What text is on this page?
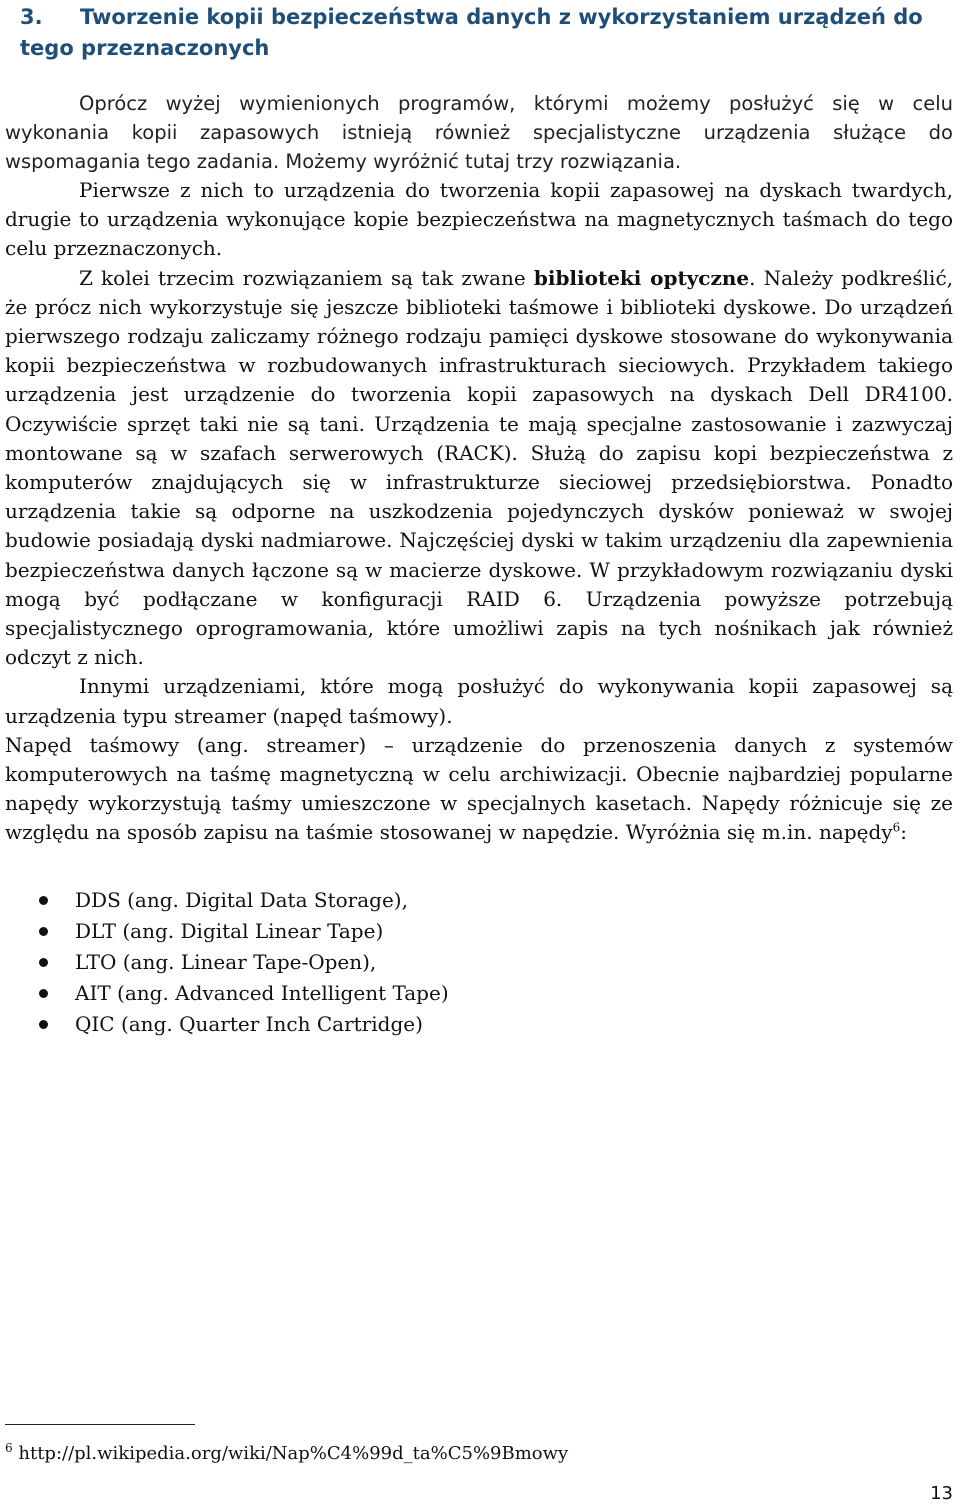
3. Tworzenie kopii bezpieczeństwa danych z wykorzystaniem urządzeń do tego przeznaczonych

Oprócz wyżej wymienionych programów, którymi możemy posłużyć się w celu wykonania kopii zapasowych istnieją również specjalistyczne urządzenia służące do wspomagania tego zadania. Możemy wyróżnić tutaj trzy rozwiązania.

Pierwsze z nich to urządzenia do tworzenia kopii zapasowej na dyskach twardych, drugie to urządzenia wykonujące kopie bezpieczeństwa na magnetycznych taśmach do tego celu przeznaczonych.

Z kolei trzecim rozwiązaniem są tak zwane biblioteki optyczne. Należy podkreślić, że prócz nich wykorzystuje się jeszcze biblioteki taśmowe i biblioteki dyskowe. Do urządzeń pierwszego rodzaju zaliczamy różnego rodzaju pamięci dyskowe stosowane do wykonywania kopii bezpieczeństwa w rozbudowanych infrastrukturach sieciowych. Przykładem takiego urządzenia jest urządzenie do tworzenia kopii zapasowych na dyskach Dell DR4100. Oczywiście sprzęt taki nie są tani. Urządzenia te mają specjalne zastosowanie i zazwyczaj montowane są w szafach serwerowych (RACK). Służą do zapisu kopi bezpieczeństwa z komputerów znajdujących się w infrastrukturze sieciowej przedsiębiorstwa. Ponadto urządzenia takie są odporne na uszkodzenia pojedynczych dysków ponieważ w swojej budowie posiadają dyski nadmiarowe. Najczęściej dyski w takim urządzeniu dla zapewnienia bezpieczeństwa danych łączone są w macierze dyskowe. W przykładowym rozwiązaniu dyski mogą być podłączane w konfiguracji RAID 6. Urządzenia powyższe potrzebują specjalistycznego oprogramowania, które umożliwi zapis na tych nośnikach jak również odczyt z nich.

Innymi urządzeniami, które mogą posłużyć do wykonywania kopii zapasowej są urządzenia typu streamer (napęd taśmowy).

Napęd taśmowy (ang. streamer) – urządzenie do przenoszenia danych z systemów komputerowych na taśmę magnetyczną w celu archiwizacji. Obecnie najbardziej popularne napędy wykorzystują taśmy umieszczone w specjalnych kasetach. Napędy różnicuje się ze względu na sposób zapisu na taśmie stosowanej w napędzie. Wyróżnia się m.in. napędy$^6$:

DDS (ang. Digital Data Storage),
DLT (ang. Digital Linear Tape)
LTO (ang. Linear Tape-Open),
AIT (ang. Advanced Intelligent Tape)
QIC (ang. Quarter Inch Cartridge)
$^6$ http://pl.wikipedia.org/wiki/Nap%C4%99d_ta%C5%9Bmowy
13
